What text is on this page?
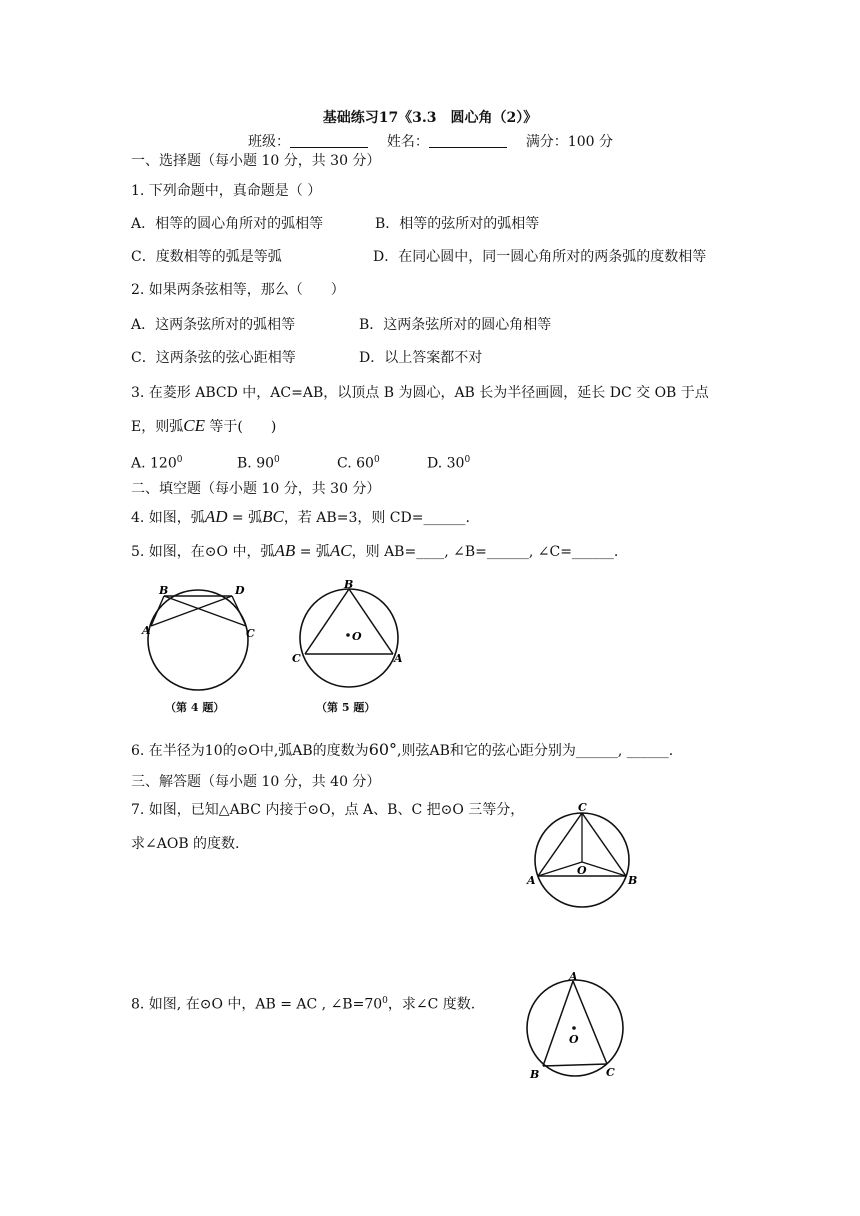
基础练习17《3.3　圆心角（2）》
班级：	姓名：	满分：100 分
一、选择题（每小题 10 分，共 30 分）
1. 下列命题中，真命题是（ ）
A．相等的圆心角所对的弧相等	B．相等的弦所对的弧相等
C．度数相等的弧是等弧	D．在同心圆中，同一圆心角所对的两条弧的度数相等
2. 如果两条弦相等，那么（　　）
A．这两条弦所对的弧相等	B．这两条弦所对的圆心角相等
C．这两条弦的弦心距相等	D．以上答案都不对
3. 在菱形 ABCD 中，AC=AB，以顶点 B 为圆心，AB 长为半径画圆，延长 DC 交 OB 于点
E，则弧CE 等于(　　)
A. $120^0$	B. $90^0$	C. $60^0$	D. $30^0$
二、填空题（每小题 10 分，共 30 分）
4. 如图，弧AD = 弧BC，若 AB=3，则 CD=______.
5. 如图，在⊙O 中，弧AB = 弧AC，则 AB=____, ∠B=______, ∠C=______.
B	D
A	C
（第 4 题）
B
O
C	A
（第 5 题）
6. 在半径为10的⊙O中,弧AB的度数为60°,则弦AB和它的弦心距分别为______, ______.
三、解答题（每小题 10 分，共 40 分）
7. 如图，已知△ABC 内接于⊙O，点 A、B、C 把⊙O 三等分，
求∠AOB 的度数.
C
O
A	B
8. 如图, 在⊙O 中，AB = AC , $\angle B=70^0$，求∠C 度数.
A
O
B	C
